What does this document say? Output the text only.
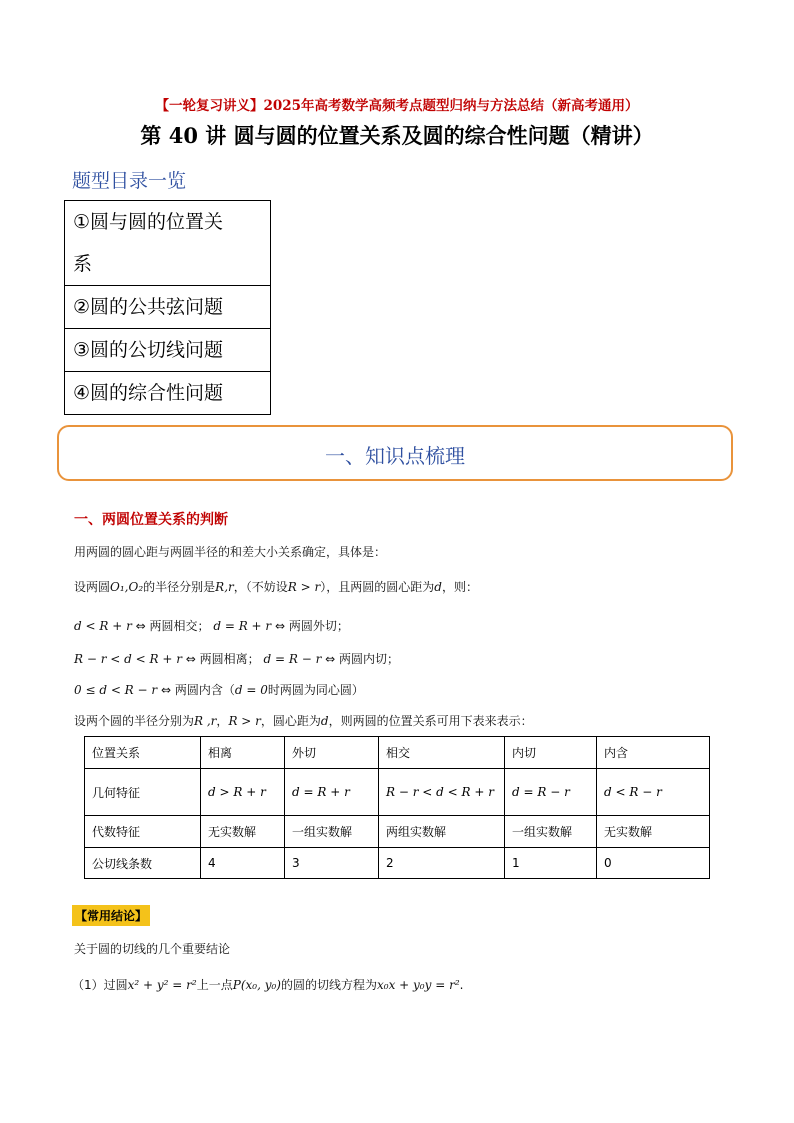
【一轮复习讲义】2025年高考数学高频考点题型归纳与方法总结（新高考通用）
第 40 讲 圆与圆的位置关系及圆的综合性问题（精讲）
题型目录一览
①圆与圆的位置关
系

②圆的公共弦问题
③圆的公切线问题
④圆的综合性问题
一、知识点梳理
一、两圆位置关系的判断
用两圆的圆心距与两圆半径的和差大小关系确定，具体是：
设两圆O₁,O₂的半径分别是R,r，（不妨设R > r），且两圆的圆心距为d，则：
d < R + r ⇔ 两圆相交； d = R + r ⇔ 两圆外切；
R − r < d < R + r ⇔ 两圆相离； d = R − r ⇔ 两圆内切；
0 ≤ d < R − r ⇔ 两圆内含（d = 0时两圆为同心圆）
设两个圆的半径分别为R ,r，R > r，圆心距为d，则两圆的位置关系可用下表来表示：
位置关系	相离	外切	相交	内切	内含
几何特征	d > R + r	d = R + r	R − r < d < R + r	d = R − r	d < R − r
代数特征	无实数解	一组实数解	两组实数解	一组实数解	无实数解
公切线条数	4	3	2	1	0
【常用结论】
关于圆的切线的几个重要结论
（1）过圆x² + y² = r²上一点P(x₀, y₀)的圆的切线方程为x₀x + y₀y = r².
